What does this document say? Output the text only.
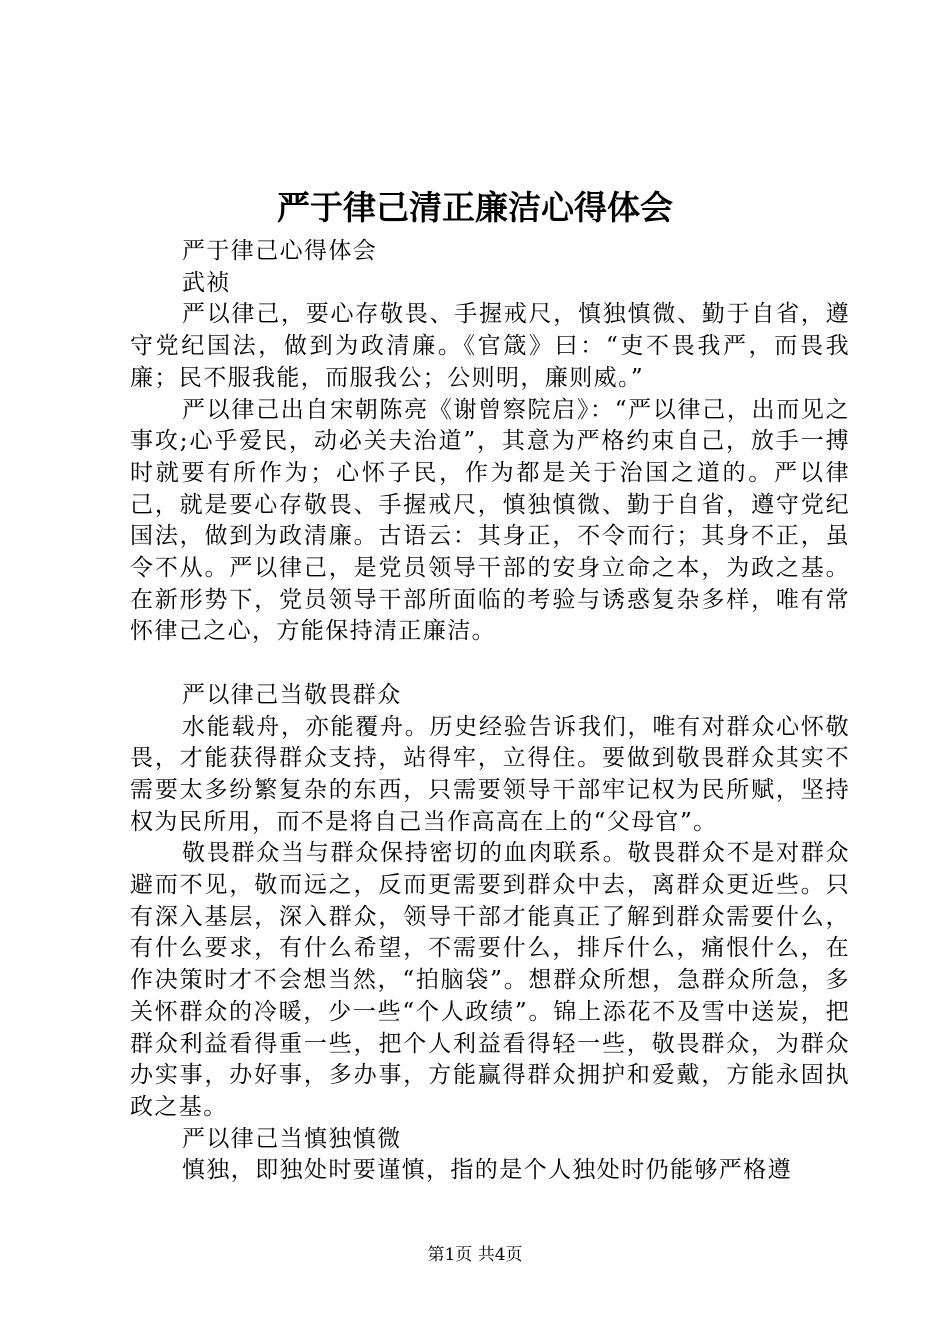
严于律己清正廉洁心得体会

严于律己心得体会

武祯

严以律己，要心存敬畏、手握戒尺，慎独慎微、勤于自省，遵守党纪国法，做到为政清廉。《官箴》曰：“吏不畏我严，而畏我廉；民不服我能，而服我公；公则明，廉则威。”

严以律己出自宋朝陈亮《谢曾察院启》：“严以律己，出而见之事攻;心乎爱民，动必关夫治道”，其意为严格约束自己，放手一搏时就要有所作为；心怀子民，作为都是关于治国之道的。严以律己，就是要心存敬畏、手握戒尺，慎独慎微、勤于自省，遵守党纪国法，做到为政清廉。古语云：其身正，不令而行；其身不正，虽令不从。严以律己，是党员领导干部的安身立命之本，为政之基。在新形势下，党员领导干部所面临的考验与诱惑复杂多样，唯有常怀律己之心，方能保持清正廉洁。

严以律己当敬畏群众

水能载舟，亦能覆舟。历史经验告诉我们，唯有对群众心怀敬畏，才能获得群众支持，站得牢，立得住。要做到敬畏群众其实不需要太多纷繁复杂的东西，只需要领导干部牢记权为民所赋，坚持权为民所用，而不是将自己当作高高在上的“父母官”。

敬畏群众当与群众保持密切的血肉联系。敬畏群众不是对群众避而不见，敬而远之，反而更需要到群众中去，离群众更近些。只有深入基层，深入群众，领导干部才能真正了解到群众需要什么，有什么要求，有什么希望，不需要什么，排斥什么，痛恨什么，在作决策时才不会想当然，“拍脑袋”。想群众所想，急群众所急，多关怀群众的冷暖，少一些“个人政绩”。锦上添花不及雪中送炭，把群众利益看得重一些，把个人利益看得轻一些，敬畏群众，为群众办实事，办好事，多办事，方能赢得群众拥护和爱戴，方能永固执政之基。

严以律己当慎独慎微

慎独，即独处时要谨慎，指的是个人独处时仍能够严格遵

第1页 共4页
